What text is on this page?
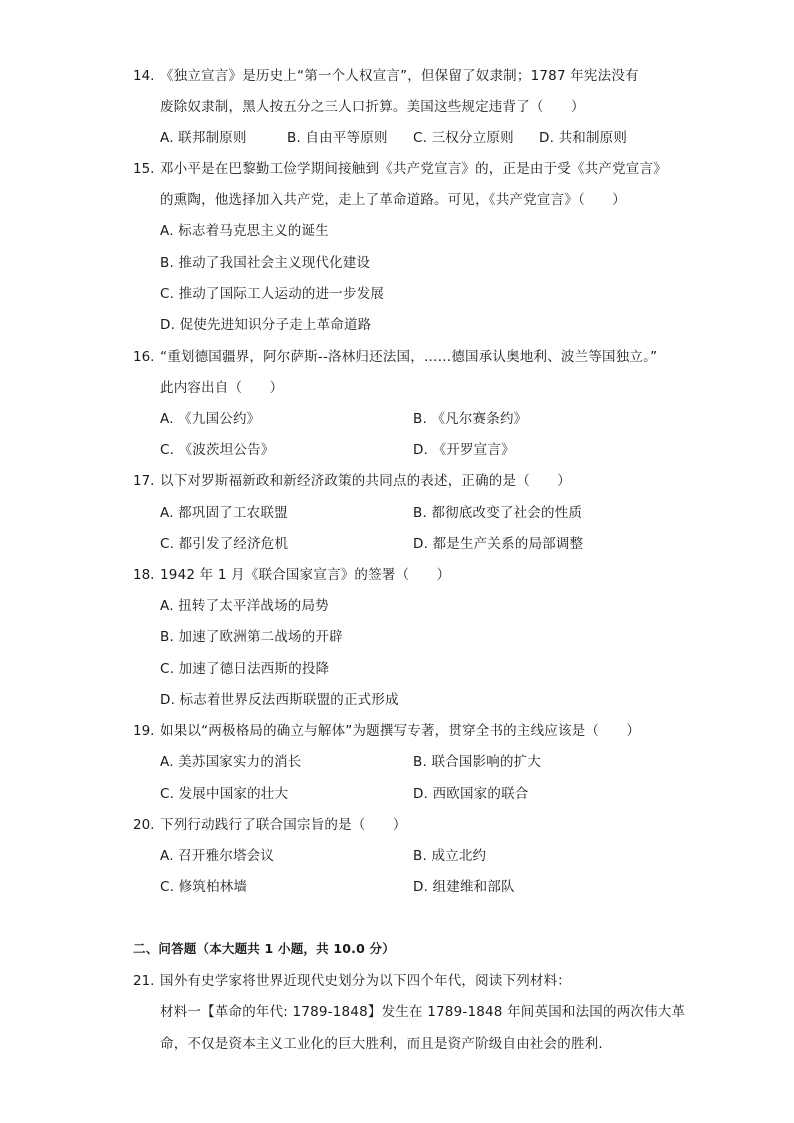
14. 《独立宣言》是历史上“第一个人权宣言”，但保留了奴隶制；1787 年宪法没有
废除奴隶制，黑人按五分之三人口折算。美国这些规定违背了（　　）
A. 联邦制原则	B. 自由平等原则 C. 三权分立原则 D. 共和制原则
15. 邓小平是在巴黎勤工俭学期间接触到《共产党宣言》的，正是由于受《共产党宣言》
的熏陶，他选择加入共产党，走上了革命道路。可见，《共产党宣言》（　　）
A. 标志着马克思主义的诞生
B. 推动了我国社会主义现代化建设
C. 推动了国际工人运动的进一步发展
D. 促使先进知识分子走上革命道路
16. “重划德国疆界，阿尔萨斯--洛林归还法国，……德国承认奥地利、波兰等国独立。”
此内容出自（　　）
A. 《九国公约》	B. 《凡尔赛条约》
C. 《波茨坦公告》	D. 《开罗宣言》
17. 以下对罗斯福新政和新经济政策的共同点的表述，正确的是（　　）
A. 都巩固了工农联盟	B. 都彻底改变了社会的性质
C. 都引发了经济危机	D. 都是生产关系的局部调整
18. 1942 年 1 月《联合国家宣言》的签署（　　）
A. 扭转了太平洋战场的局势
B. 加速了欧洲第二战场的开辟
C. 加速了德日法西斯的投降
D. 标志着世界反法西斯联盟的正式形成
19. 如果以“两极格局的确立与解体”为题撰写专著，贯穿全书的主线应该是（　　）
A. 美苏国家实力的消长	B. 联合国影响的扩大
C. 发展中国家的壮大	D. 西欧国家的联合
20. 下列行动践行了联合国宗旨的是（　　）
A. 召开雅尔塔会议	B. 成立北约
C. 修筑柏林墙	D. 组建维和部队
二、问答题（本大题共 1 小题，共 10.0 分）
21. 国外有史学家将世界近现代史划分为以下四个年代，阅读下列材料：
材料一【革命的年代: 1789-1848】发生在 1789-1848 年间英国和法国的两次伟大革
命，不仅是资本主义工业化的巨大胜利，而且是资产阶级自由社会的胜利.
